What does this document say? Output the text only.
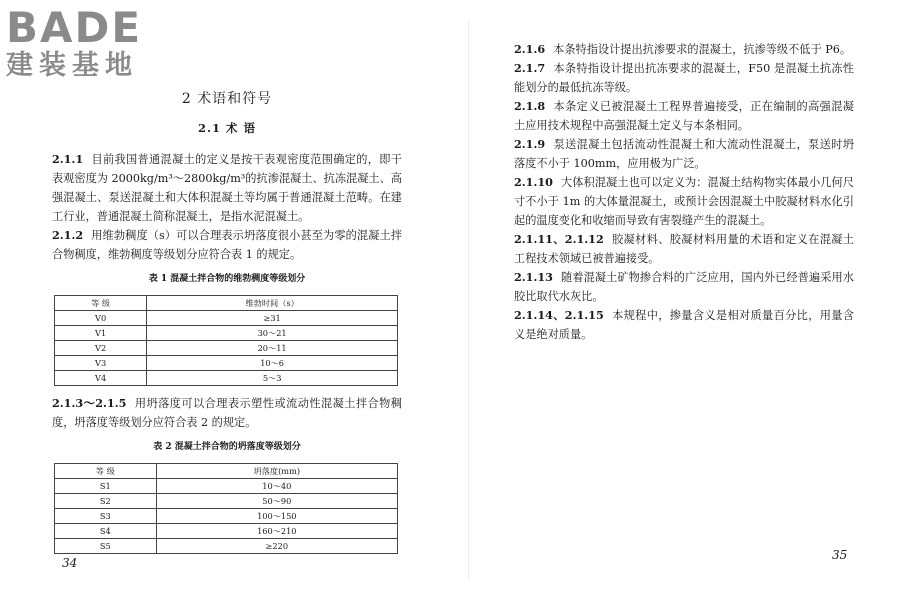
BADE
建装基地
2 术语和符号
2.1 术 语

2.1.1 目前我国普通混凝土的定义是按干表观密度范围确定的，即干表观密度为 2000kg/m³～2800kg/m³的抗渗混凝土、抗冻混凝土、高强混凝土、泵送混凝土和大体积混凝土等均属于普通混凝土范畴。在建工行业，普通混凝土简称混凝土，是指水泥混凝土。

2.1.2 用维勃稠度（s）可以合理表示坍落度很小甚至为零的混凝土拌合物稠度，维勃稠度等级划分应符合表 1 的规定。

表 1 混凝土拌合物的维勃稠度等级划分
等 级	维勃时间（s）
V0	≥31
V1	30～21
V2	20～11
V3	10～6
V4	5～3

2.1.3～2.1.5 用坍落度可以合理表示塑性或流动性混凝土拌合物稠度，坍落度等级划分应符合表 2 的规定。

表 2 混凝土拌合物的坍落度等级划分
等 级	坍落度(mm)
S1	10～40
S2	50～90
S3	100～150
S4	160～210
S5	≥220
34

2.1.6 本条特指设计提出抗渗要求的混凝土，抗渗等级不低于 P6。

2.1.7 本条特指设计提出抗冻要求的混凝土，F50 是混凝土抗冻性能划分的最低抗冻等级。

2.1.8 本条定义已被混凝土工程界普遍接受，正在编制的高强混凝土应用技术规程中高强混凝土定义与本条相同。

2.1.9 泵送混凝土包括流动性混凝土和大流动性混凝土，泵送时坍落度不小于 100mm，应用极为广泛。

2.1.10 大体积混凝土也可以定义为：混凝土结构物实体最小几何尺寸不小于 1m 的大体量混凝土，或预计会因混凝土中胶凝材料水化引起的温度变化和收缩而导致有害裂缝产生的混凝土。

2.1.11、2.1.12 胶凝材料、胶凝材料用量的术语和定义在混凝土工程技术领域已被普遍接受。

2.1.13 随着混凝土矿物掺合料的广泛应用，国内外已经普遍采用水胶比取代水灰比。

2.1.14、2.1.15 本规程中，掺量含义是相对质量百分比，用量含义是绝对质量。

35
